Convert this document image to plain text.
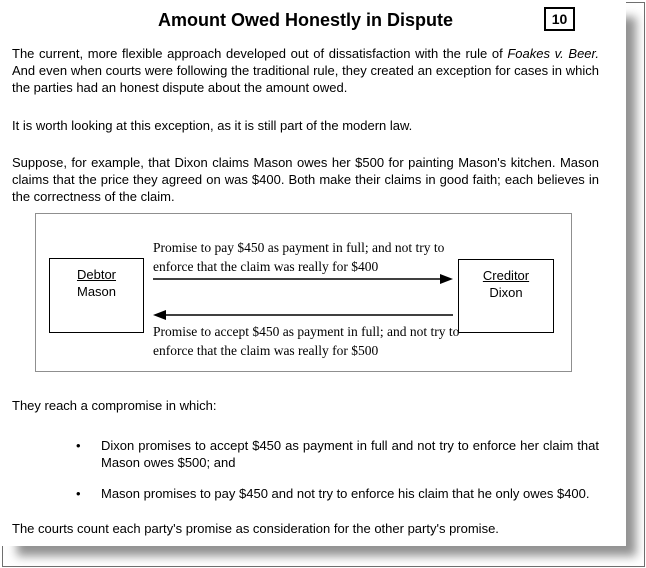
10
Amount Owed Honestly in Dispute

The current, more flexible approach developed out of dissatisfaction with the rule of Foakes v. Beer. And even when courts were following the traditional rule, they created an exception for cases in which the parties had an honest dispute about the amount owed.

It is worth looking at this exception, as it is still part of the modern law.

Suppose, for example, that Dixon claims Mason owes her $500 for painting Mason's kitchen. Mason claims that the price they agreed on was $400. Both make their claims in good faith; each believes in the correctness of the claim.

Debtor
Mason
Creditor
Dixon
Promise to pay $450 as payment in full; and not try to enforce that the claim was really for $400
Promise to accept $450 as payment in full; and not try to enforce that the claim was really for $500

They reach a compromise in which:

• Dixon promises to accept $450 as payment in full and not try to enforce her claim that Mason owes $500; and
• Mason promises to pay $450 and not try to enforce his claim that he only owes $400.

The courts count each party's promise as consideration for the other party's promise.
